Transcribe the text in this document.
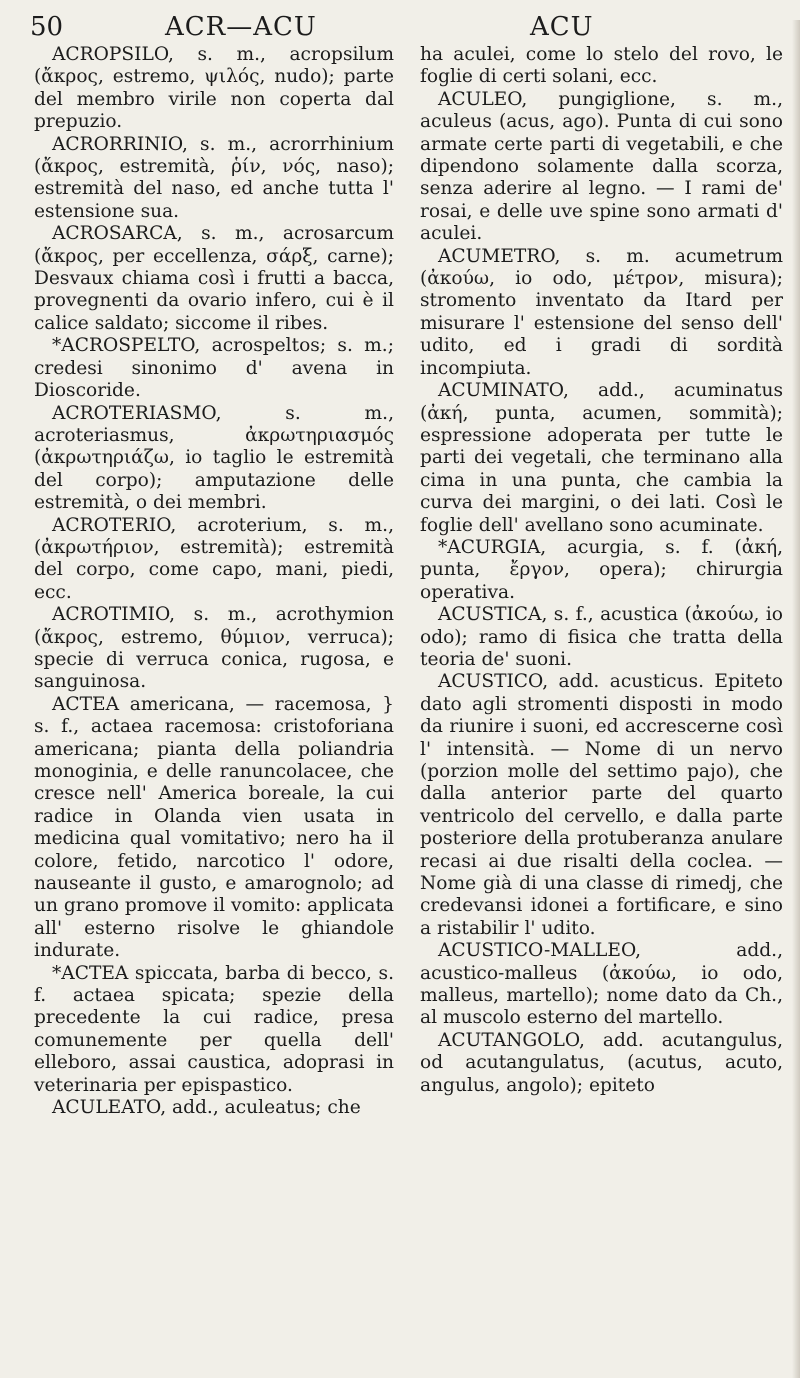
50	ACR—ACU	ACU

ACROPSILO, s. m., acropsilum (ἄκρος, estremo, ψιλός, nudo); parte del membro virile non coperta dal prepuzio.

ACRORRINIO, s. m., acrorrhinium (ἄκρος, estremità, ῥίν, νός, naso); estremità del naso, ed anche tutta l' estensione sua.

ACROSARCA, s. m., acrosarcum (ἄκρος, per eccellenza, σάρξ, carne); Desvaux chiama così i frutti a bacca, provegnenti da ovario infero, cui è il calice saldato; siccome il ribes.

*ACROSPELTO, acrospeltos; s. m.; credesi sinonimo d' avena in Dioscoride.

ACROTERIASMO, s. m., acroteriasmus, ἀκρωτηριασμός (ἀκρωτηριάζω, io taglio le estremità del corpo); amputazione delle estremità, o dei membri.

ACROTERIO, acroterium, s. m., (ἀκρωτήριον, estremità); estremità del corpo, come capo, mani, piedi, ecc.

ACROTIMIO, s. m., acrothymion (ἄκρος, estremo, θύμιον, verruca); specie di verruca conica, rugosa, e sanguinosa.

ACTEA americana, — racemosa, } s. f., actaea racemosa: cristoforiana americana; pianta della poliandria monoginia, e delle ranuncolacee, che cresce nell' America boreale, la cui radice in Olanda vien usata in medicina qual vomitativo; nero ha il colore, fetido, narcotico l' odore, nauseante il gusto, e amarognolo; ad un grano promove il vomito: applicata all' esterno risolve le ghiandole indurate.

*ACTEA spiccata, barba di becco, s. f. actaea spicata; spezie della precedente la cui radice, presa comunemente per quella dell' elleboro, assai caustica, adoprasi in veterinaria per epispastico.

ACULEATO, add., aculeatus; che

ha aculei, come lo stelo del rovo, le foglie di certi solani, ecc.

ACULEO, pungiglione, s. m., aculeus (acus, ago). Punta di cui sono armate certe parti di vegetabili, e che dipendono solamente dalla scorza, senza aderire al legno. — I rami de' rosai, e delle uve spine sono armati d' aculei.

ACUMETRO, s. m. acumetrum (ἀκούω, io odo, μέτρον, misura); stromento inventato da Itard per misurare l' estensione del senso dell' udito, ed i gradi di sordità incompiuta.

ACUMINATO, add., acuminatus (ἀκή, punta, acumen, sommità); espressione adoperata per tutte le parti dei vegetali, che terminano alla cima in una punta, che cambia la curva dei margini, o dei lati. Così le foglie dell' avellano sono acuminate.

*ACURGIA, acurgia, s. f. (ἀκή, punta, ἔργον, opera); chirurgia operativa.

ACUSTICA, s. f., acustica (ἀκούω, io odo); ramo di fisica che tratta della teoria de' suoni.

ACUSTICO, add. acusticus. Epiteto dato agli stromenti disposti in modo da riunire i suoni, ed accrescerne così l' intensità. — Nome di un nervo (porzion molle del settimo pajo), che dalla anterior parte del quarto ventricolo del cervello, e dalla parte posteriore della protuberanza anulare recasi ai due risalti della coclea. — Nome già di una classe di rimedj, che credevansi idonei a fortificare, e sino a ristabilir l' udito.

ACUSTICO-MALLEO, add., acustico-malleus (ἀκούω, io odo, malleus, martello); nome dato da Ch., al muscolo esterno del martello.

ACUTANGOLO, add. acutangulus, od acutangulatus, (acutus, acuto, angulus, angolo); epiteto
